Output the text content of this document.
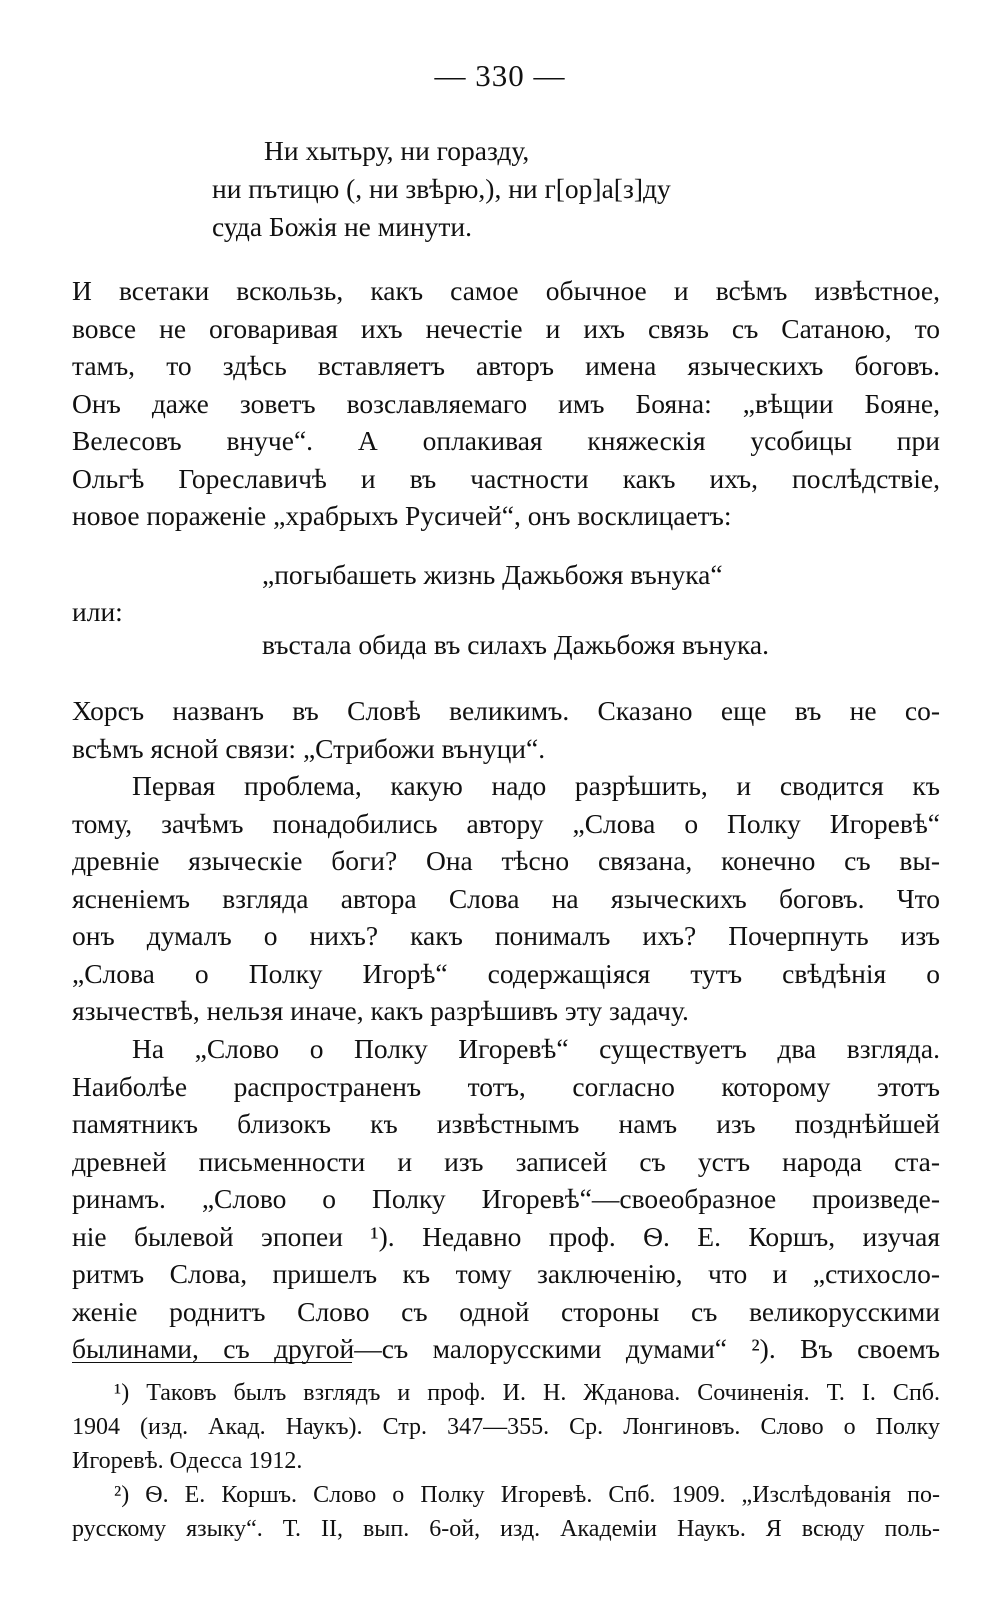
— 330 —
Ни хытьру, ни горазду,
ни пътицю (, ни звѣрю,), ни г[ор]а[з]ду
суда Божія не минути.
И всетаки вскользь, какъ самое обычное и всѣмъ извѣстное,
вовсе не оговаривая ихъ нечестіе и ихъ связь съ Сатаною, то
тамъ, то здѣсь вставляетъ авторъ имена языческихъ боговъ.
Онъ даже зоветъ возславляемаго имъ Бояна: „вѣщии Бояне,
Велесовъ внуче“. А оплакивая княжескія усобицы при
Ольгѣ Гореславичѣ и въ частности какъ ихъ, послѣдствіе,
новое пораженіе „храбрыхъ Русичей“, онъ восклицаетъ:
„погыбашеть жизнь Дажьбожя вънука“
или:
въстала обида въ силахъ Дажьбожя вънука.
Хорсъ названъ въ Словѣ великимъ. Сказано еще въ не со-
всѣмъ ясной связи: „Стрибожи вънуци“.
Первая проблема, какую надо разрѣшить, и сводится къ
тому, зачѣмъ понадобились автору „Слова о Полку Игоревѣ“
древніе языческіе боги? Она тѣсно связана, конечно съ вы-
ясненіемъ взгляда автора Слова на языческихъ боговъ. Что
онъ думалъ о нихъ? какъ понималъ ихъ? Почерпнуть изъ
„Слова о Полку Игорѣ“ содержащіяся тутъ свѣдѣнія о
язычествѣ, нельзя иначе, какъ разрѣшивъ эту задачу.
На „Слово о Полку Игоревѣ“ существуетъ два взгляда.
Наиболѣе распространенъ тотъ, согласно которому этотъ
памятникъ близокъ къ извѣстнымъ намъ изъ позднѣйшей
древней письменности и изъ записей съ устъ народа ста-
ринамъ. „Слово о Полку Игоревѣ“—своеобразное произведе-
ніе былевой эпопеи ¹). Недавно проф. Ѳ. Е. Коршъ, изучая
ритмъ Слова, пришелъ къ тому заключенію, что и „стихосло-
женіе роднитъ Слово съ одной стороны съ великорусскими
былинами, съ другой—съ малорусскими думами“ ²). Въ своемъ
¹) Таковъ былъ взглядъ и проф. И. Н. Жданова. Сочиненія. Т. I. Спб.
1904 (изд. Акад. Наукъ). Стр. 347—355. Ср. Лонгиновъ. Слово о Полку
Игоревѣ. Одесса 1912.
²) Ѳ. Е. Коршъ. Слово о Полку Игоревѣ. Спб. 1909. „Изслѣдованія по-
русскому языку“. Т. II, вып. 6-ой, изд. Академіи Наукъ. Я всюду поль-
